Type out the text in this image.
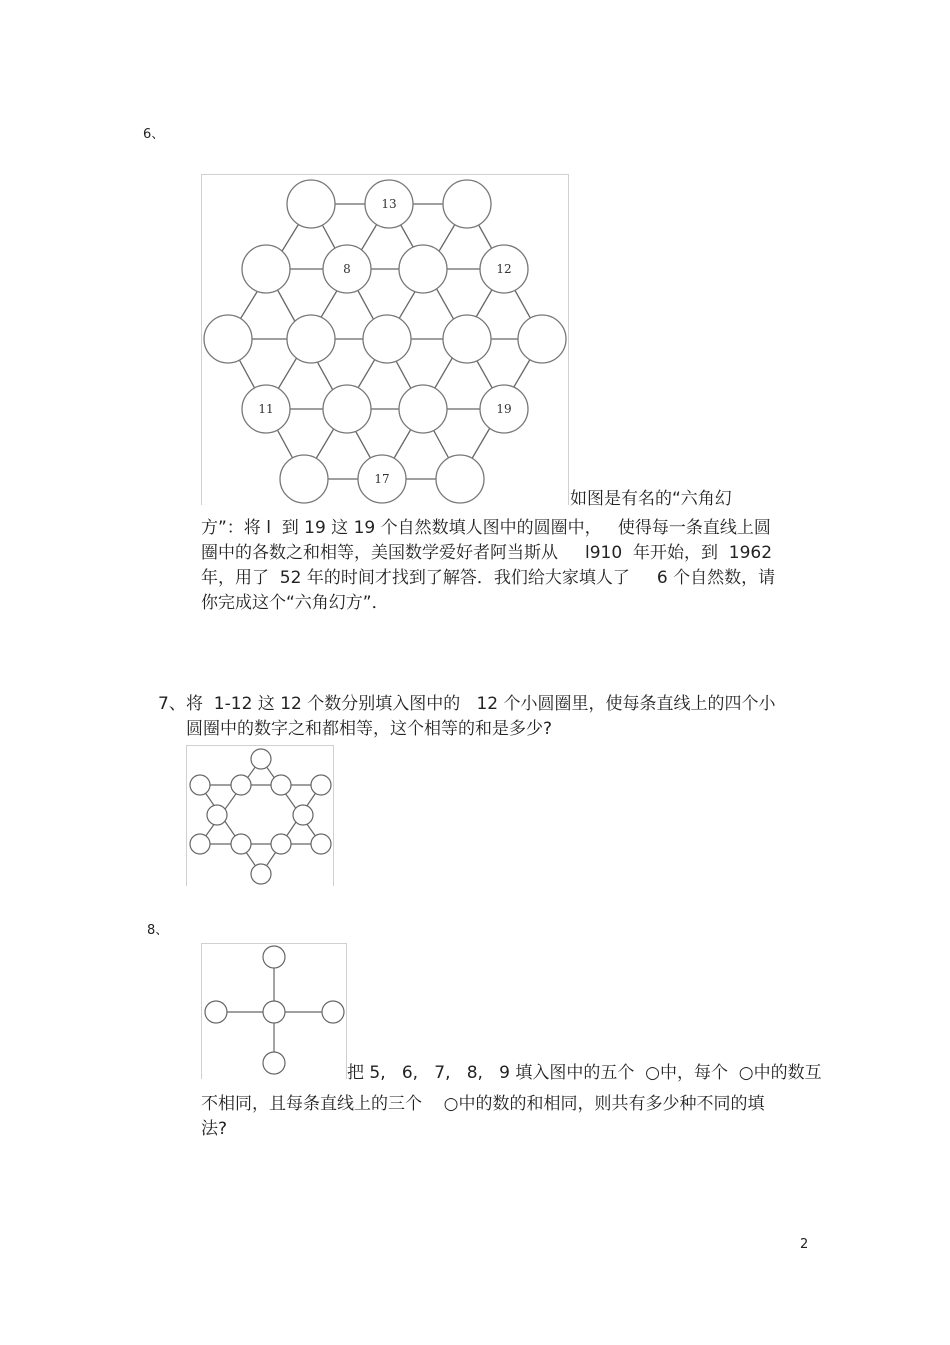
6、
13
8	12
11	19
17
如图是有名的“六角幻
方”：将 l  到 19 这 19 个自然数填人图中的圆圈中，   使得每一条直线上圆
圈中的各数之和相等，美国数学爱好者阿当斯从     l910  年开始，到  1962
年，用了  52 年的时间才找到了解答．我们给大家填人了     6 个自然数，请
你完成这个“六角幻方”．
7、 将  1-12 这 12 个数分别填入图中的   12 个小圆圈里，使每条直线上的四个小
圆圈中的数字之和都相等，这个相等的和是多少?
8、
把 5,   6,   7,   8,   9 填入图中的五个  ○中，每个  ○中的数互
不相同，且每条直线上的三个    ○中的数的和相同，则共有多少种不同的填
法?
2
